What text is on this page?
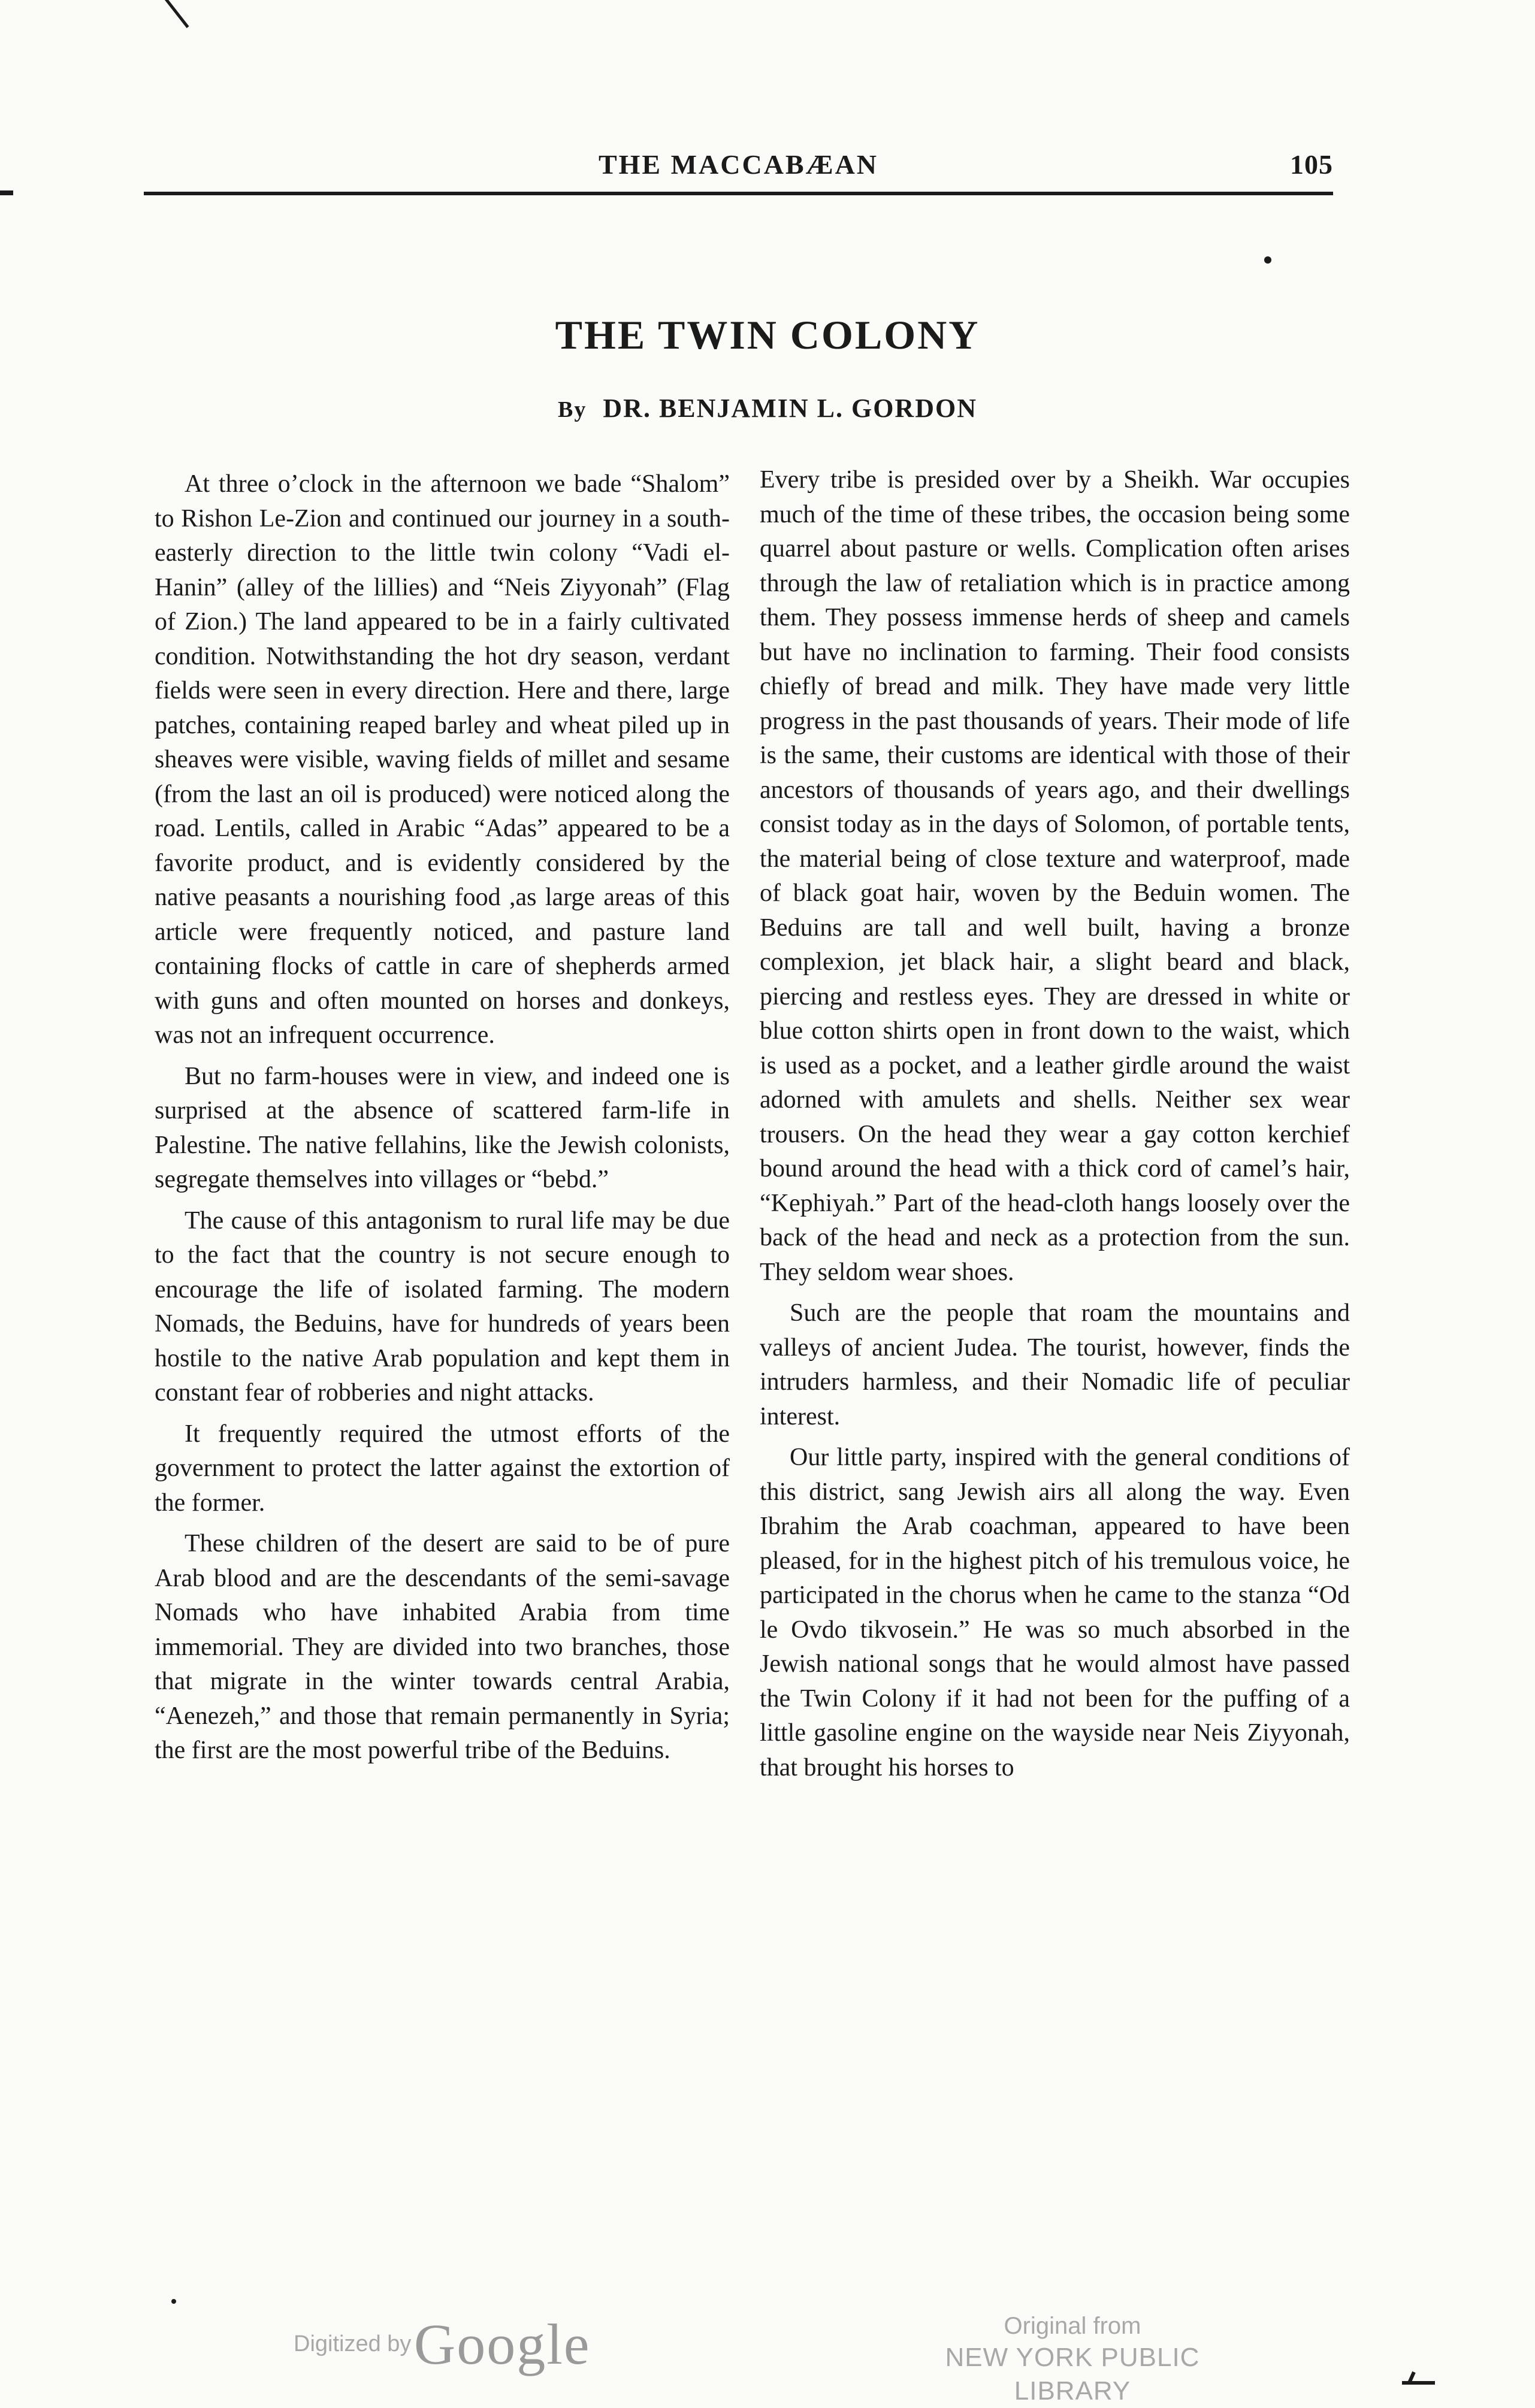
THE MACCABÆAN	105
THE TWIN COLONY
By DR. BENJAMIN L. GORDON

At three o’clock in the afternoon we bade “Shalom” to Rishon Le-Zion and continued our journey in a south-easterly direction to the little twin colony “Vadi el-Hanin” (alley of the lillies) and “Neis Ziyyonah” (Flag of Zion.) The land appeared to be in a fairly cultivated condition. Notwithstanding the hot dry season, verdant fields were seen in every direction. Here and there, large patches, containing reaped barley and wheat piled up in sheaves were visible, waving fields of millet and sesame (from the last an oil is produced) were noticed along the road. Lentils, called in Arabic “Adas” appeared to be a favorite product, and is evidently considered by the native peasants a nourishing food ,as large areas of this article were frequently noticed, and pasture land containing flocks of cattle in care of shepherds armed with guns and often mounted on horses and donkeys, was not an infrequent occurrence.

But no farm-houses were in view, and indeed one is surprised at the absence of scattered farm-life in Palestine. The native fellahins, like the Jewish colonists, segregate themselves into villages or “bebd.”

The cause of this antagonism to rural life may be due to the fact that the country is not secure enough to encourage the life of isolated farming. The modern Nomads, the Beduins, have for hundreds of years been hostile to the native Arab population and kept them in constant fear of robberies and night attacks.

It frequently required the utmost efforts of the government to protect the latter against the extortion of the former.

These children of the desert are said to be of pure Arab blood and are the descendants of the semi-savage Nomads who have inhabited Arabia from time immemorial. They are divided into two branches, those that migrate in the winter towards central Arabia, “Aenezeh,” and those that remain permanently in Syria; the first are the most powerful tribe of the Beduins.

Every tribe is presided over by a Sheikh. War occupies much of the time of these tribes, the occasion being some quarrel about pasture or wells. Complication often arises through the law of retaliation which is in practice among them. They possess immense herds of sheep and camels but have no inclination to farming. Their food consists chiefly of bread and milk. They have made very little progress in the past thousands of years. Their mode of life is the same, their customs are identical with those of their ancestors of thousands of years ago, and their dwellings consist today as in the days of Solomon, of portable tents, the material being of close texture and waterproof, made of black goat hair, woven by the Beduin women. The Beduins are tall and well built, having a bronze complexion, jet black hair, a slight beard and black, piercing and restless eyes. They are dressed in white or blue cotton shirts open in front down to the waist, which is used as a pocket, and a leather girdle around the waist adorned with amulets and shells. Neither sex wear trousers. On the head they wear a gay cotton kerchief bound around the head with a thick cord of camel’s hair, “Kephiyah.” Part of the head-cloth hangs loosely over the back of the head and neck as a protection from the sun. They seldom wear shoes.

Such are the people that roam the mountains and valleys of ancient Judea. The tourist, however, finds the intruders harmless, and their Nomadic life of peculiar interest.

Our little party, inspired with the general conditions of this district, sang Jewish airs all along the way. Even Ibrahim the Arab coachman, appeared to have been pleased, for in the highest pitch of his tremulous voice, he participated in the chorus when he came to the stanza “Od le Ovdo tikvosein.” He was so much absorbed in the Jewish national songs that he would almost have passed the Twin Colony if it had not been for the puffing of a little gasoline engine on the wayside near Neis Ziyyonah, that brought his horses to

Digitized by Google	Original from
NEW YORK PUBLIC LIBRARY
